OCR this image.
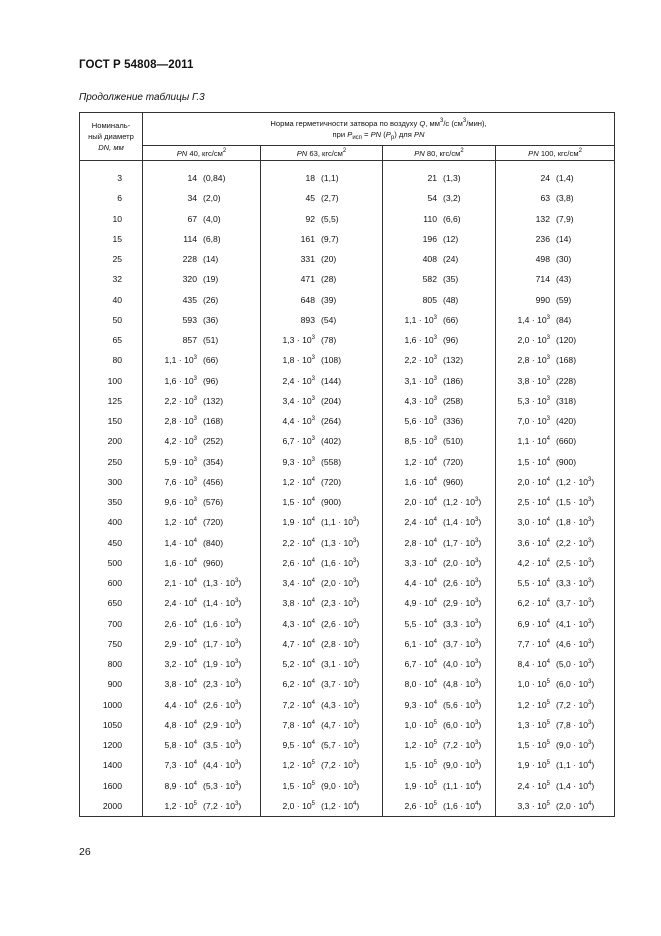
ГОСТ Р 54808—2011
Продолжение таблицы Г.3
Номиналь-
ный диаметр
DN, мм	Норма герметичности затвора по воздуху Q, $мм^3/с$ $(см^3/мин)$,
при $P_{исп}$ = PN $(P_р)$ для PN			
	PN 40, кгс/$см^2$	PN 63, кгс/$см^2$	PN 80, кгс/$см^2$	PN 100, кгс/$см^2$

3	14 (0,84)	18 (1,1)	21 (1,3)	24 (1,4)

6	34 (2,0)	45 (2,7)	54 (3,2)	63 (3,8)

10	67 (4,0)	92 (5,5)	110 (6,6)	132 (7,9)

15	114 (6,8)	161 (9,7)	196 (12)	236 (14)

25	228 (14)	331 (20)	408 (24)	498 (30)

32	320 (19)	471 (28)	582 (35)	714 (43)

40	435 (26)	648 (39)	805 (48)	990 (59)

50	593 (36)	893 (54)	$1,1 \cdot 10^3$ (66)	$1,4 \cdot 10^3$ (84)

65	857 (51)	$1,3 \cdot 10^3$ (78)	$1,6 \cdot 10^3$ (96)	$2,0 \cdot 10^3$ (120)

80	$1,1 \cdot 10^3$ (66)	$1,8 \cdot 10^3$ (108)	$2,2 \cdot 10^3$ (132)	$2,8 \cdot 10^3$ (168)

100	$1,6 \cdot 10^3$ (96)	$2,4 \cdot 10^3$ (144)	$3,1 \cdot 10^3$ (186)	$3,8 \cdot 10^3$ (228)

125	$2,2 \cdot 10^3$ (132)	$3,4 \cdot 10^3$ (204)	$4,3 \cdot 10^3$ (258)	$5,3 \cdot 10^3$ (318)

150	$2,8 \cdot 10^3$ (168)	$4,4 \cdot 10^3$ (264)	$5,6 \cdot 10^3$ (336)	$7,0 \cdot 10^3$ (420)

200	$4,2 \cdot 10^3$ (252)	$6,7 \cdot 10^3$ (402)	$8,5 \cdot 10^3$ (510)	$1,1 \cdot 10^4$ (660)

250	$5,9 \cdot 10^3$ (354)	$9,3 \cdot 10^3$ (558)	$1,2 \cdot 10^4$ (720)	$1,5 \cdot 10^4$ (900)

300	$7,6 \cdot 10^3$ (456)	$1,2 \cdot 10^4$ (720)	$1,6 \cdot 10^4$ (960)	$2,0 \cdot 10^4$ $(1,2 \cdot 10^3)$

350	$9,6 \cdot 10^3$ (576)	$1,5 \cdot 10^4$ (900)	$2,0 \cdot 10^4$ $(1,2 \cdot 10^3)$	$2,5 \cdot 10^4$ $(1,5 \cdot 10^3)$

400	$1,2 \cdot 10^4$ (720)	$1,9 \cdot 10^4$ $(1,1 \cdot 10^3)$	$2,4 \cdot 10^4$ $(1,4 \cdot 10^3)$	$3,0 \cdot 10^4$ $(1,8 \cdot 10^3)$

450	$1,4 \cdot 10^4$ (840)	$2,2 \cdot 10^4$ $(1,3 \cdot 10^3)$	$2,8 \cdot 10^4$ $(1,7 \cdot 10^3)$	$3,6 \cdot 10^4$ $(2,2 \cdot 10^3)$

500	$1,6 \cdot 10^4$ (960)	$2,6 \cdot 10^4$ $(1,6 \cdot 10^3)$	$3,3 \cdot 10^4$ $(2,0 \cdot 10^3)$	$4,2 \cdot 10^4$ $(2,5 \cdot 10^3)$

600	$2,1 \cdot 10^4$ $(1,3 \cdot 10^3)$	$3,4 \cdot 10^4$ $(2,0 \cdot 10^3)$	$4,4 \cdot 10^4$ $(2,6 \cdot 10^3)$	$5,5 \cdot 10^4$ $(3,3 \cdot 10^3)$

650	$2,4 \cdot 10^4$ $(1,4 \cdot 10^3)$	$3,8 \cdot 10^4$ $(2,3 \cdot 10^3)$	$4,9 \cdot 10^4$ $(2,9 \cdot 10^3)$	$6,2 \cdot 10^4$ $(3,7 \cdot 10^3)$

700	$2,6 \cdot 10^4$ $(1,6 \cdot 10^3)$	$4,3 \cdot 10^4$ $(2,6 \cdot 10^3)$	$5,5 \cdot 10^4$ $(3,3 \cdot 10^3)$	$6,9 \cdot 10^4$ $(4,1 \cdot 10^3)$

750	$2,9 \cdot 10^4$ $(1,7 \cdot 10^3)$	$4,7 \cdot 10^4$ $(2,8 \cdot 10^3)$	$6,1 \cdot 10^4$ $(3,7 \cdot 10^3)$	$7,7 \cdot 10^4$ $(4,6 \cdot 10^3)$

800	$3,2 \cdot 10^4$ $(1,9 \cdot 10^3)$	$5,2 \cdot 10^4$ $(3,1 \cdot 10^3)$	$6,7 \cdot 10^4$ $(4,0 \cdot 10^3)$	$8,4 \cdot 10^4$ $(5,0 \cdot 10^3)$

900	$3,8 \cdot 10^4$ $(2,3 \cdot 10^3)$	$6,2 \cdot 10^4$ $(3,7 \cdot 10^3)$	$8,0 \cdot 10^4$ $(4,8 \cdot 10^3)$	$1,0 \cdot 10^5$ $(6,0 \cdot 10^3)$

1000	$4,4 \cdot 10^4$ $(2,6 \cdot 10^3)$	$7,2 \cdot 10^4$ $(4,3 \cdot 10^3)$	$9,3 \cdot 10^4$ $(5,6 \cdot 10^3)$	$1,2 \cdot 10^5$ $(7,2 \cdot 10^3)$

1050	$4,8 \cdot 10^4$ $(2,9 \cdot 10^3)$	$7,8 \cdot 10^4$ $(4,7 \cdot 10^3)$	$1,0 \cdot 10^5$ $(6,0 \cdot 10^3)$	$1,3 \cdot 10^5$ $(7,8 \cdot 10^3)$

1200	$5,8 \cdot 10^4$ $(3,5 \cdot 10^3)$	$9,5 \cdot 10^4$ $(5,7 \cdot 10^3)$	$1,2 \cdot 10^5$ $(7,2 \cdot 10^3)$	$1,5 \cdot 10^5$ $(9,0 \cdot 10^3)$

1400	$7,3 \cdot 10^4$ $(4,4 \cdot 10^3)$	$1,2 \cdot 10^5$ $(7,2 \cdot 10^3)$	$1,5 \cdot 10^5$ $(9,0 \cdot 10^3)$	$1,9 \cdot 10^5$ $(1,1 \cdot 10^4)$

1600	$8,9 \cdot 10^4$ $(5,3 \cdot 10^3)$	$1,5 \cdot 10^5$ $(9,0 \cdot 10^3)$	$1,9 \cdot 10^5$ $(1,1 \cdot 10^4)$	$2,4 \cdot 10^5$ $(1,4 \cdot 10^4)$

2000	$1,2 \cdot 10^5$ $(7,2 \cdot 10^3)$	$2,0 \cdot 10^5$ $(1,2 \cdot 10^4)$	$2,6 \cdot 10^5$ $(1,6 \cdot 10^4)$	$3,3 \cdot 10^5$ $(2,0 \cdot 10^4)$
26
